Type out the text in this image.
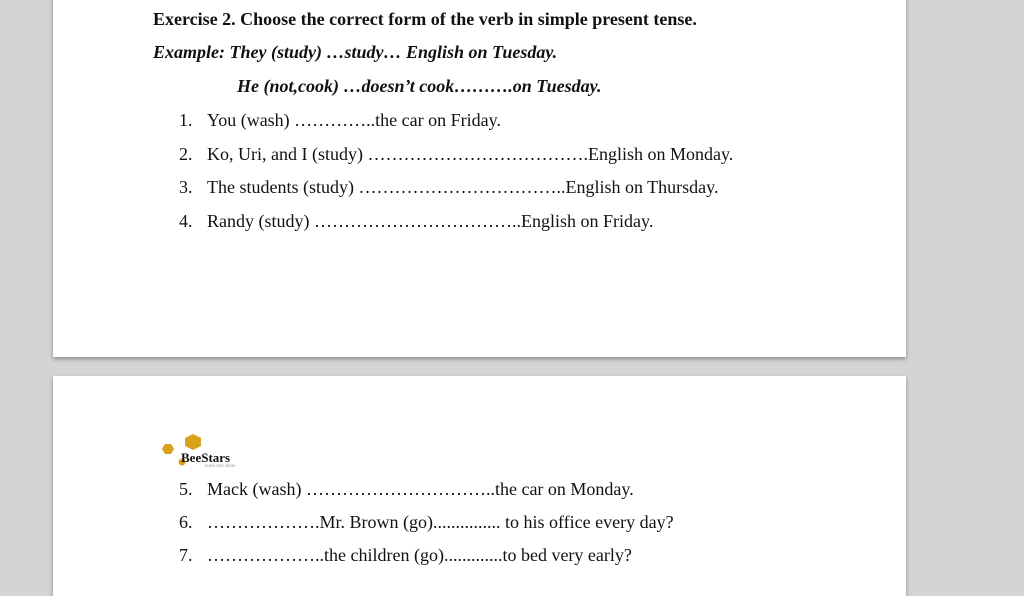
Exercise 2. Choose the correct form of the verb in simple present tense.
Example: They (study) …study… English on Tuesday.
He (not,cook) …doesn’t cook……….on Tuesday.
1. You (wash) …………..the car on Friday.
2. Ko, Uri, and I (study) ……………………………….English on Monday.
3. The students (study) ……………………………..English on Thursday.
4. Randy (study) ……………………………..English on Friday.
BeeStars
learn and shine
5. Mack (wash) …………………………..the car on Monday.
6. ……………….Mr. Brown (go)............... to his office every day?
7. ………………..the children (go).............to bed very early?
